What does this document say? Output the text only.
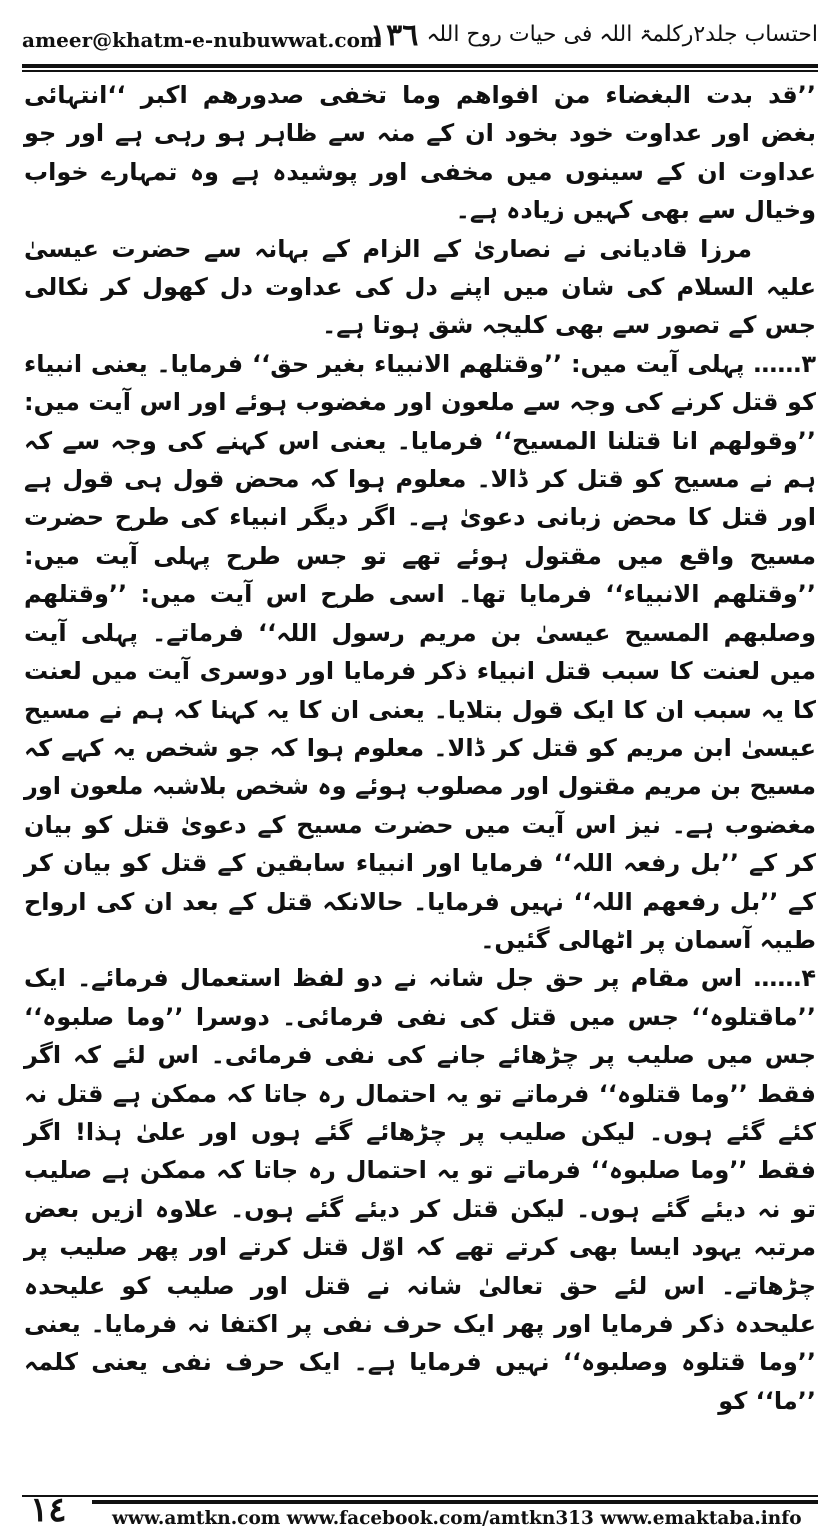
ameer@khatm-e-nubuwwat.com
١٣٦ احتساب جلد۲رکلمۃ اللہ فی حیات روح اللہ

’’قد بدت البغضاء من افواھم وما تخفی صدورھم اکبر ‘‘انتہائی بغض اور عداوت خود بخود ان کے منہ سے ظاہر ہو رہی ہے اور جو عداوت ان کے سینوں میں مخفی اور پوشیدہ ہے وہ تمہارے خواب وخیال سے بھی کہیں زیادہ ہے۔

مرزا قادیانی نے نصاریٰ کے الزام کے بہانہ سے حضرت عیسیٰ علیہ السلام کی شان میں اپنے دل کی عداوت دل کھول کر نکالی جس کے تصور سے بھی کلیجہ شق ہوتا ہے۔

۳…… پہلی آیت میں: ’’وقتلھم الانبیاء بغیر حق‘‘ فرمایا۔ یعنی انبیاء کو قتل کرنے کی وجہ سے ملعون اور مغضوب ہوئے اور اس آیت میں: ’’وقولھم انا قتلنا المسیح‘‘ فرمایا۔ یعنی اس کہنے کی وجہ سے کہ ہم نے مسیح کو قتل کر ڈالا۔ معلوم ہوا کہ محض قول ہی قول ہے اور قتل کا محض زبانی دعویٰ ہے۔ اگر دیگر انبیاء کی طرح حضرت مسیح واقع میں مقتول ہوئے تھے تو جس طرح پہلی آیت میں: ’’وقتلھم الانبیاء‘‘ فرمایا تھا۔ اسی طرح اس آیت میں: ’’وقتلھم وصلبھم المسیح عیسیٰ بن مریم رسول اللہ‘‘ فرماتے۔ پہلی آیت میں لعنت کا سبب قتل انبیاء ذکر فرمایا اور دوسری آیت میں لعنت کا یہ سبب ان کا ایک قول بتلایا۔ یعنی ان کا یہ کہنا کہ ہم نے مسیح عیسیٰ ابن مریم کو قتل کر ڈالا۔ معلوم ہوا کہ جو شخص یہ کہے کہ مسیح بن مریم مقتول اور مصلوب ہوئے وہ شخص بلاشبہ ملعون اور مغضوب ہے۔ نیز اس آیت میں حضرت مسیح کے دعویٰ قتل کو بیان کر کے ’’بل رفعہ اللہ‘‘ فرمایا اور انبیاء سابقین کے قتل کو بیان کر کے ’’بل رفعھم اللہ‘‘ نہیں فرمایا۔ حالانکہ قتل کے بعد ان کی ارواح طیبہ آسمان پر اٹھالی گئیں۔

۴…… اس مقام پر حق جل شانہ نے دو لفظ استعمال فرمائے۔ ایک ’’ماقتلوہ‘‘ جس میں قتل کی نفی فرمائی۔ دوسرا ’’وما صلبوہ‘‘ جس میں صلیب پر چڑھائے جانے کی نفی فرمائی۔ اس لئے کہ اگر فقط ’’وما قتلوہ‘‘ فرماتے تو یہ احتمال رہ جاتا کہ ممکن ہے قتل نہ کئے گئے ہوں۔ لیکن صلیب پر چڑھائے گئے ہوں اور علیٰ ہذا! اگر فقط ’’وما صلبوہ‘‘ فرماتے تو یہ احتمال رہ جاتا کہ ممکن ہے صلیب تو نہ دیئے گئے ہوں۔ لیکن قتل کر دیئے گئے ہوں۔ علاوہ ازیں بعض مرتبہ یہود ایسا بھی کرتے تھے کہ اوّل قتل کرتے اور پھر صلیب پر چڑھاتے۔ اس لئے حق تعالیٰ شانہ نے قتل اور صلیب کو علیحدہ علیحدہ ذکر فرمایا اور پھر ایک حرف نفی پر اکتفا نہ فرمایا۔ یعنی ’’وما قتلوہ وصلبوہ‘‘ نہیں فرمایا ہے۔ ایک حرف نفی یعنی کلمہ ’’ما‘‘ کو

١٤ www.amtkn.com www.facebook.com/amtkn313 www.emaktaba.info
